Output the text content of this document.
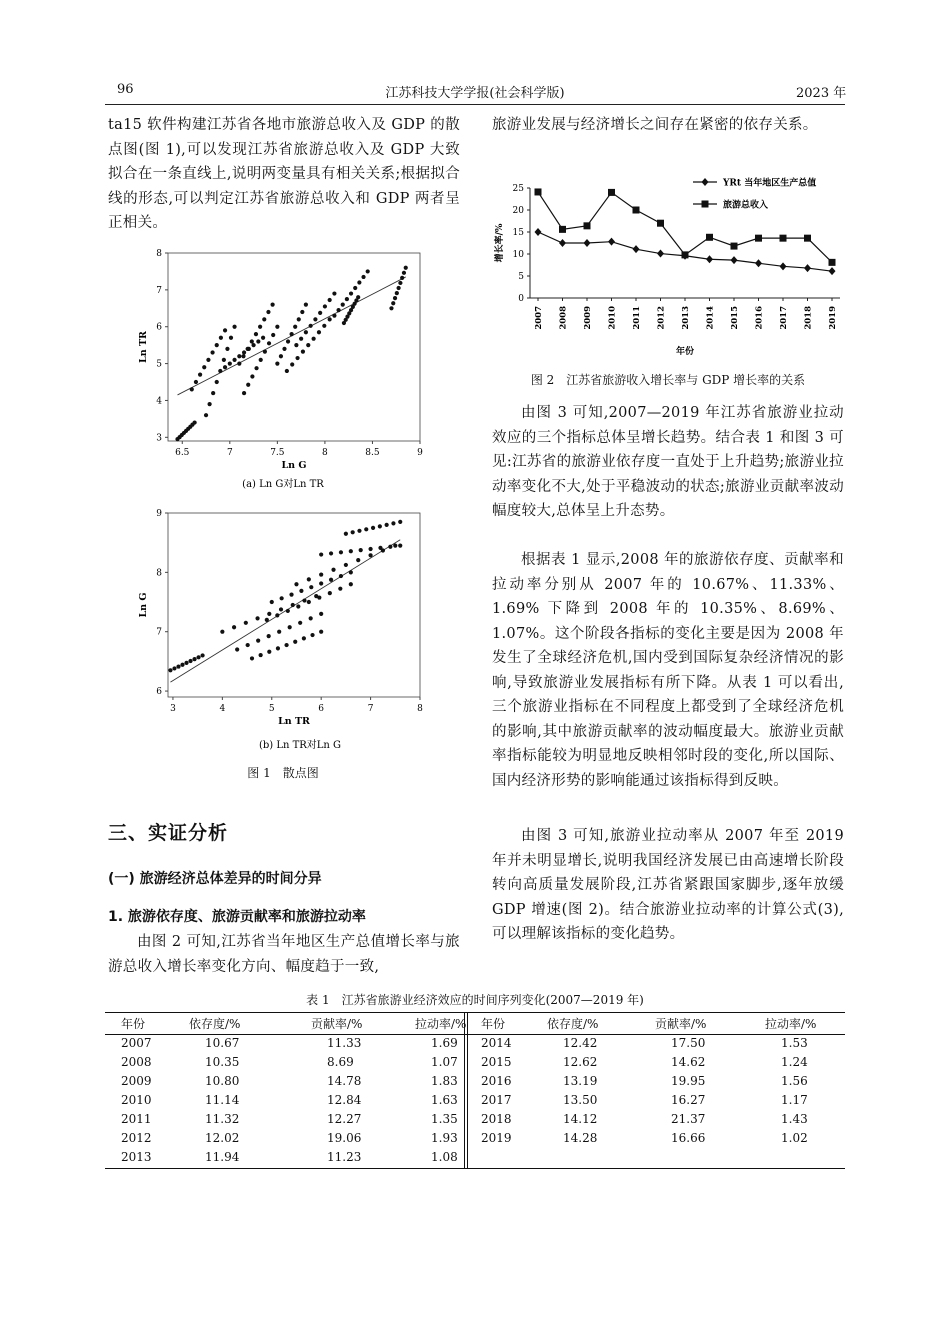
96	江苏科技大学学报(社会科学版)	2023 年

ta15 软件构建江苏省各地市旅游总收入及 GDP 的散点图(图 1),可以发现江苏省旅游总收入及 GDP 大致拟合在一条直线上,说明两变量具有相关关系;根据拟合线的形态,可以判定江苏省旅游总收入和 GDP 两者呈正相关。

6.5	7	7.5	8	8.5	9
3
4
5
6
7
8
Ln G
Ln TR
(a) Ln G对Ln TR
3	4	5	6	7	8
6
7
8
9
Ln TR
Ln G
(b) Ln TR对Ln G
图 1　散点图
三、实证分析
(一) 旅游经济总体差异的时间分异
1. 旅游依存度、旅游贡献率和旅游拉动率

由图 2 可知,江苏省当年地区生产总值增长率与旅游总收入增长率变化方向、幅度趋于一致,

旅游业发展与经济增长之间存在紧密的依存关系。

0
5
10
15
20
25
2007 2008 2009 2010 2011 2012 2013 2014 2015 2016 2017 2018 2019
年份
增长率/%
YRt 当年地区生产总值
旅游总收入
图 2　江苏省旅游收入增长率与 GDP 增长率的关系

由图 3 可知,2007—2019 年江苏省旅游业拉动效应的三个指标总体呈增长趋势。结合表 1 和图 3 可见:江苏省的旅游业依存度一直处于上升趋势;旅游业拉动率变化不大,处于平稳波动的状态;旅游业贡献率波动幅度较大,总体呈上升态势。

根据表 1 显示,2008 年的旅游依存度、贡献率和拉动率分别从 2007 年的 10.67%、11.33%、1.69% 下降到 2008 年的 10.35%、8.69%、1.07%。这个阶段各指标的变化主要是因为 2008 年发生了全球经济危机,国内受到国际复杂经济情况的影响,导致旅游业发展指标有所下降。从表 1 可以看出,三个旅游业指标在不同程度上都受到了全球经济危机的影响,其中旅游贡献率的波动幅度最大。旅游业贡献率指标能较为明显地反映相邻时段的变化,所以国际、国内经济形势的影响能通过该指标得到反映。

由图 3 可知,旅游业拉动率从 2007 年至 2019 年并未明显增长,说明我国经济发展已由高速增长阶段转向高质量发展阶段,江苏省紧跟国家脚步,逐年放缓 GDP 增速(图 2)。结合旅游业拉动率的计算公式(3),可以理解该指标的变化趋势。

表 1　江苏省旅游业经济效应的时间序列变化(2007—2019 年)
年份	依存度/%	贡献率/%	拉动率/%
2007	10.67	11.33	1.69
2008	10.35	8.69	1.07
2009	10.80	14.78	1.83
2010	11.14	12.84	1.63
2011	11.32	12.27	1.35
2012	12.02	19.06	1.93
2013	11.94	11.23	1.08
年份	依存度/%	贡献率/%	拉动率/%
2014	12.42	17.50	1.53
2015	12.62	14.62	1.24
2016	13.19	19.95	1.56
2017	13.50	16.27	1.17
2018	14.12	21.37	1.43
2019	14.28	16.66	1.02
